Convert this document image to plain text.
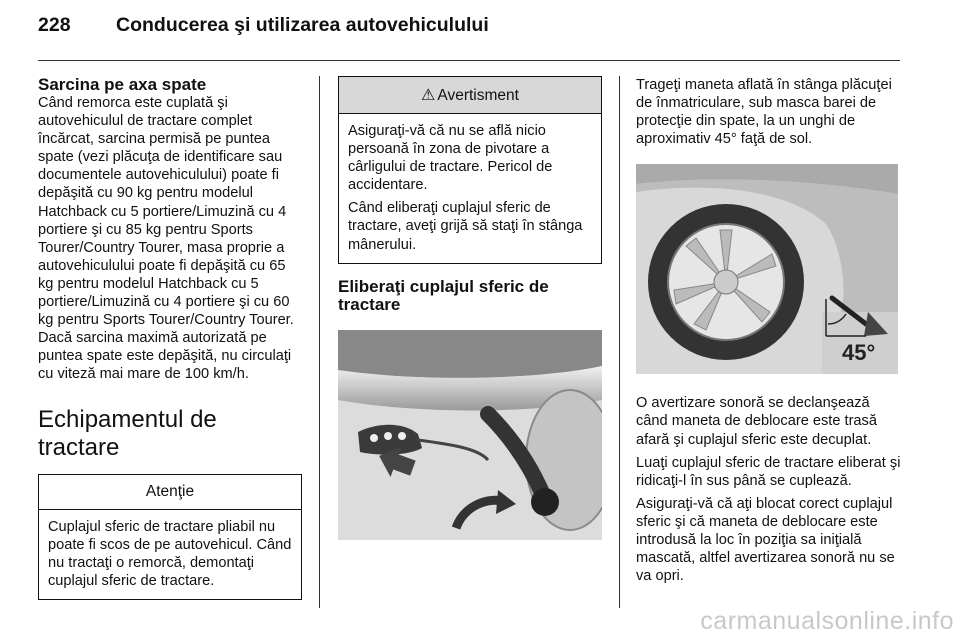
228 Conducerea şi utilizarea autovehiculului
Sarcina pe axa spate

Când remorca este cuplată şi autovehiculul de tractare complet încărcat, sarcina permisă pe puntea spate (vezi plăcuţa de identificare sau documentele autovehiculului) poate fi depăşită cu 90 kg pentru modelul Hatchback cu 5 portiere/Limuzină cu 4 portiere şi cu 85 kg pentru Sports Tourer/Country Tourer, masa proprie a autovehiculului poate fi depăşită cu 65 kg pentru modelul Hatchback cu 5 portiere/Limuzină cu 4 portiere şi cu 60 kg pentru Sports Tourer/Country Tourer. Dacă sarcina maximă autorizată pe puntea spate este depăşită, nu circulaţi cu viteză mai mare de 100 km/h.

Echipamentul de tractare
Atenţie

Cuplajul sferic de tractare pliabil nu poate fi scos de pe autovehicul. Când nu tractaţi o remorcă, demontaţi cuplajul sferic de tractare.

⚠ Avertisment

Asiguraţi-vă că nu se află nicio persoană în zona de pivotare a cârligului de tractare. Pericol de accidentare.

Când eliberaţi cuplajul sferic de tractare, aveţi grijă să staţi în stânga mânerului.

Eliberaţi cuplajul sferic de tractare

Trageţi maneta aflată în stânga plăcuţei de înmatriculare, sub masca barei de protecţie din spate, la un unghi de aproximativ 45° faţă de sol.

45°

O avertizare sonoră se declanşează când maneta de deblocare este trasă afară şi cuplajul sferic este decuplat.

Luaţi cuplajul sferic de tractare eliberat şi ridicaţi-l în sus până se cuplează.

Asiguraţi-vă că aţi blocat corect cuplajul sferic şi că maneta de deblocare este introdusă la loc în poziţia sa iniţială mascată, altfel avertizarea sonoră nu se va opri.

carmanualsonline.info
